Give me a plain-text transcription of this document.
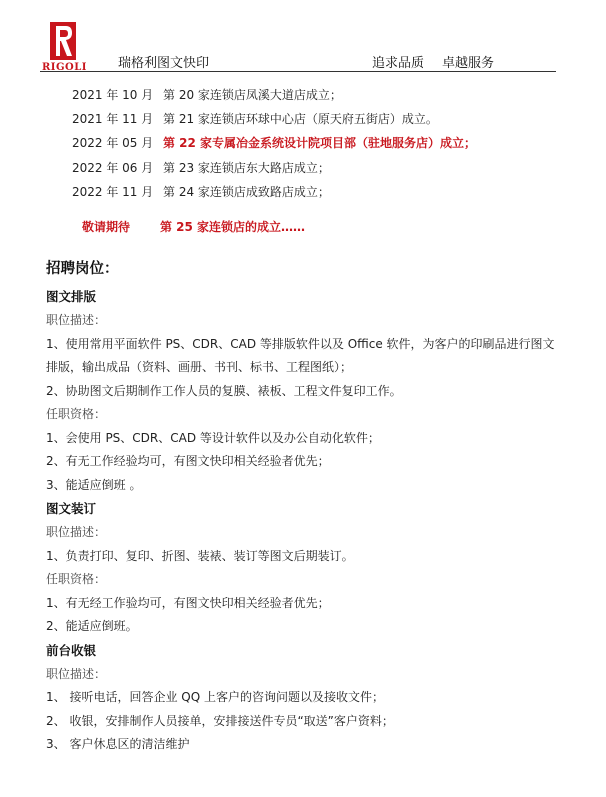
RIGOLI 瑞格利图文快印	追求品质 卓越服务
2021 年 10 月 第 20 家连锁店凤溪大道店成立；
2021 年 11 月 第 21 家连锁店环球中心店（原天府五街店）成立。
2022 年 05 月 第 22 家专属冶金系统设计院项目部（驻地服务店）成立；
2022 年 06 月 第 23 家连锁店东大路店成立；
2022 年 11 月 第 24 家连锁店成致路店成立；
敬请期待 第 25 家连锁店的成立……
招聘岗位：
图文排版
职位描述：
1、使用常用平面软件 PS、CDR、CAD 等排版软件以及 Office 软件，为客户的印刷品进行图文排版，输出成品（资料、画册、书刊、标书、工程图纸）；
2、协助图文后期制作工作人员的复膜、裱板、工程文件复印工作。
任职资格：
1、会使用 PS、CDR、CAD 等设计软件以及办公自动化软件；
2、有无工作经验均可，有图文快印相关经验者优先；
3、能适应倒班 。
图文装订
职位描述：
1、负责打印、复印、折图、装裱、装订等图文后期装订。
任职资格：
1、有无经工作验均可，有图文快印相关经验者优先；
2、能适应倒班。
前台收银
职位描述：
1、 接听电话，回答企业 QQ 上客户的咨询问题以及接收文件；
2、 收银，安排制作人员接单，安排接送件专员“取送”客户资料；
3、 客户休息区的清洁维护
